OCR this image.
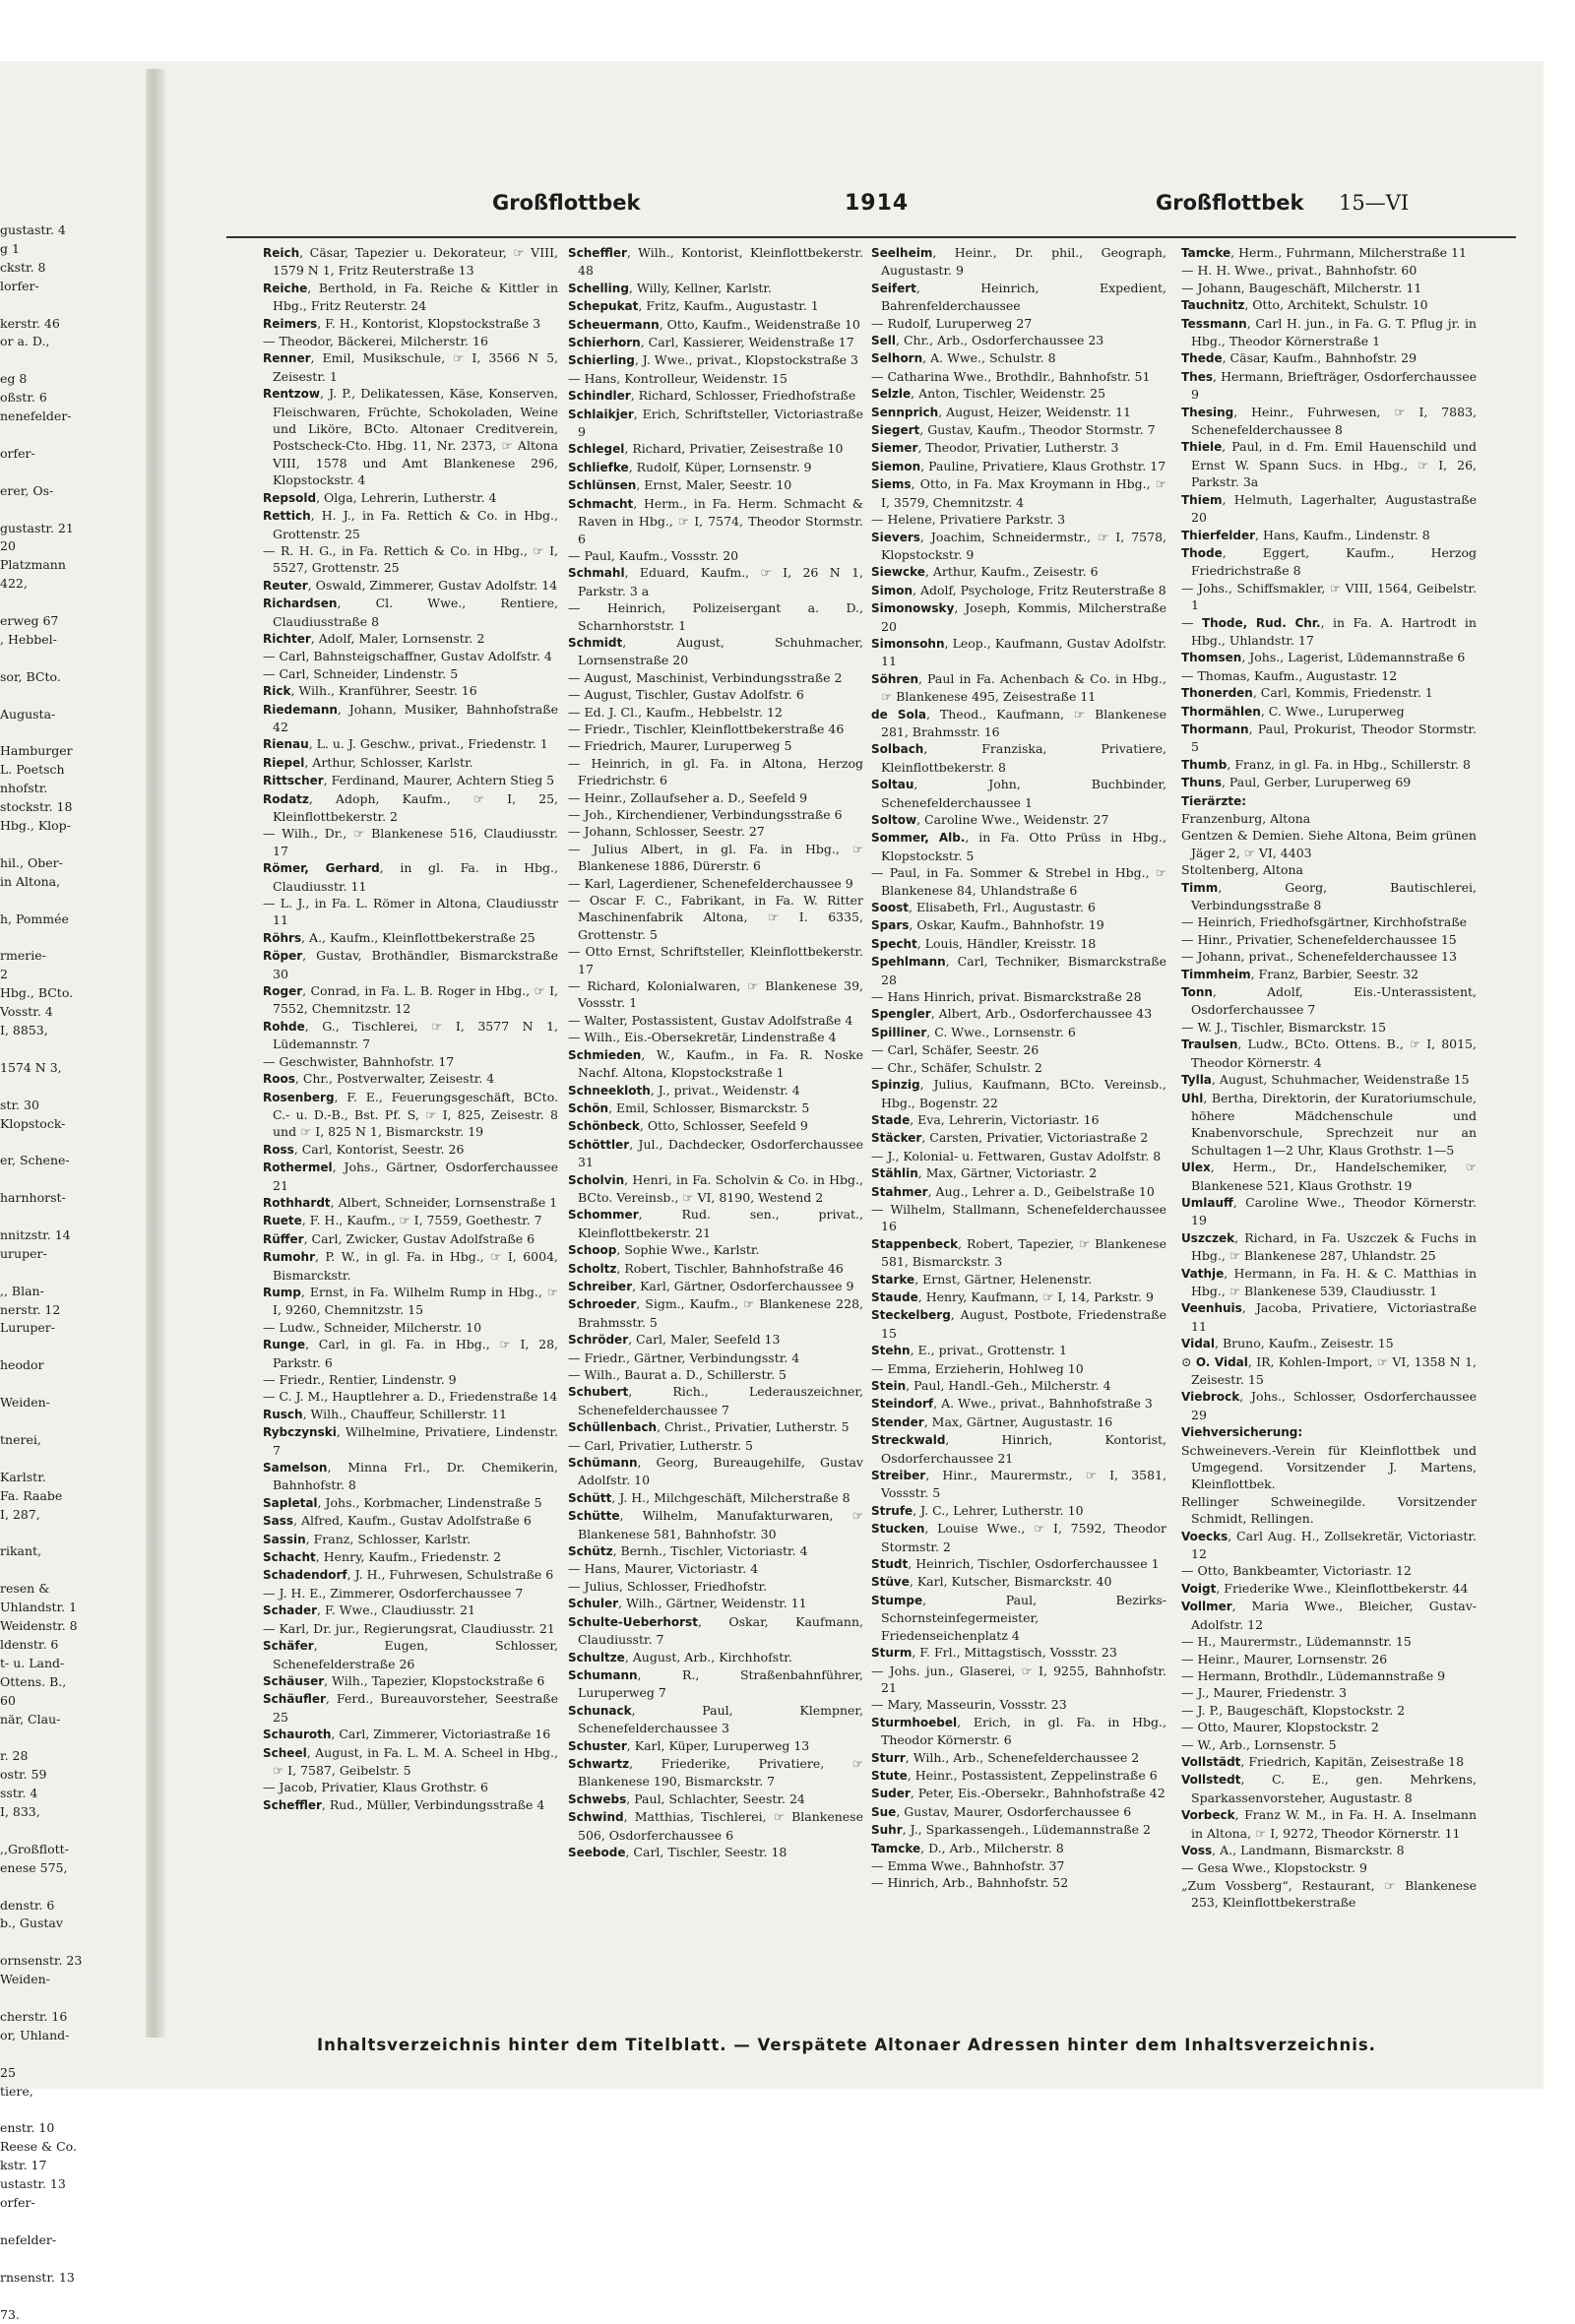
gustastr. 4
g 1
ckstr. 8
lorfer-

kerstr. 46
or a. D.,

eg 8
oßstr. 6
nenefelder-

orfer-

erer, Os-

gustastr. 21
20
Platzmann
422,

erweg 67
, Hebbel-

sor, BCto.

Augusta-

Hamburger
L. Poetsch
nhofstr.
stockstr. 18
Hbg., Klop-

hil., Ober-
in Altona,

h, Pommée

rmerie-
2
Hbg., BCto.
Vosstr. 4
I, 8853,

1574 N 3,

str. 30
Klopstock-

er, Schene-

harnhorst-

nnitzstr. 14
uruper-

,, Blan-
nerstr. 12
Luruper-

heodor

Weiden-

tnerei,

Karlstr.
Fa. Raabe
I, 287,

rikant,

resen &
Uhlandstr. 1
Weidenstr. 8
ldenstr. 6
t- u. Land-
Ottens. B.,
60
när, Clau-

r. 28
ostr. 59
sstr. 4
I, 833,

,,Großflott-
enese 575,

denstr. 6
b., Gustav

ornsenstr. 23
Weiden-

cherstr. 16
or, Uhland-

25
tiere,

enstr. 10
Reese & Co.
kstr. 17
ustastr. 13
orfer-

nefelder-

rnsenstr. 13

73.
Großflottbek	1914	Großflottbek 15—VI
Reich, Cäsar, Tapezier u. Dekorateur, ☞ VIII, 1579 N 1, Fritz Reuterstraße 13
Reiche, Berthold, in Fa. Reiche & Kittler in Hbg., Fritz Reuterstr. 24
Reimers, F. H., Kontorist, Klopstockstraße 3
— Theodor, Bäckerei, Milcherstr. 16
Renner, Emil, Musikschule, ☞ I, 3566 N 5, Zeisestr. 1
Rentzow, J. P., Delikatessen, Käse, Konserven, Fleischwaren, Früchte, Schokoladen, Weine und Liköre, BCto. Altonaer Creditverein, Postscheck-Cto. Hbg. 11, Nr. 2373, ☞ Altona VIII, 1578 und Amt Blankenese 296, Klopstockstr. 4
Repsold, Olga, Lehrerin, Lutherstr. 4
Rettich, H. J., in Fa. Rettich & Co. in Hbg., Grottenstr. 25
— R. H. G., in Fa. Rettich & Co. in Hbg., ☞ I, 5527, Grottenstr. 25
Reuter, Oswald, Zimmerer, Gustav Adolfstr. 14
Richardsen, Cl. Wwe., Rentiere, Claudiusstraße 8
Richter, Adolf, Maler, Lornsenstr. 2
— Carl, Bahnsteigschaffner, Gustav Adolfstr. 4
— Carl, Schneider, Lindenstr. 5
Rick, Wilh., Kranführer, Seestr. 16
Riedemann, Johann, Musiker, Bahnhofstraße 42
Rienau, L. u. J. Geschw., privat., Friedenstr. 1
Riepel, Arthur, Schlosser, Karlstr.
Rittscher, Ferdinand, Maurer, Achtern Stieg 5
Rodatz, Adoph, Kaufm., ☞ I, 25, Kleinflottbekerstr. 2
— Wilh., Dr., ☞ Blankenese 516, Claudiusstr. 17
Römer, Gerhard, in gl. Fa. in Hbg., Claudiusstr. 11
— L. J., in Fa. L. Römer in Altona, Claudiusstr 11
Röhrs, A., Kaufm., Kleinflottbekerstraße 25
Röper, Gustav, Brothändler, Bismarckstraße 30
Roger, Conrad, in Fa. L. B. Roger in Hbg., ☞ I, 7552, Chemnitzstr. 12
Rohde, G., Tischlerei, ☞ I, 3577 N 1, Lüdemannstr. 7
— Geschwister, Bahnhofstr. 17
Roos, Chr., Postverwalter, Zeisestr. 4
Rosenberg, F. E., Feuerungsgeschäft, BCto. C.- u. D.-B., Bst. Pf. S, ☞ I, 825, Zeisestr. 8 und ☞ I, 825 N 1, Bismarckstr. 19
Ross, Carl, Kontorist, Seestr. 26
Rothermel, Johs., Gärtner, Osdorferchaussee 21
Rothhardt, Albert, Schneider, Lornsenstraße 1
Ruete, F. H., Kaufm., ☞ I, 7559, Goethestr. 7
Rüffer, Carl, Zwicker, Gustav Adolfstraße 6
Rumohr, P. W., in gl. Fa. in Hbg., ☞ I, 6004, Bismarckstr.
Rump, Ernst, in Fa. Wilhelm Rump in Hbg., ☞ I, 9260, Chemnitzstr. 15
— Ludw., Schneider, Milcherstr. 10
Runge, Carl, in gl. Fa. in Hbg., ☞ I, 28, Parkstr. 6
— Friedr., Rentier, Lindenstr. 9
— C. J. M., Hauptlehrer a. D., Friedenstraße 14
Rusch, Wilh., Chauffeur, Schillerstr. 11
Rybczynski, Wilhelmine, Privatiere, Lindenstr. 7
Samelson, Minna Frl., Dr. Chemikerin, Bahnhofstr. 8
Sapletal, Johs., Korbmacher, Lindenstraße 5
Sass, Alfred, Kaufm., Gustav Adolfstraße 6
Sassin, Franz, Schlosser, Karlstr.
Schacht, Henry, Kaufm., Friedenstr. 2
Schadendorf, J. H., Fuhrwesen, Schulstraße 6
— J. H. E., Zimmerer, Osdorferchaussee 7
Schader, F. Wwe., Claudiusstr. 21
— Karl, Dr. jur., Regierungsrat, Claudiusstr. 21
Schäfer, Eugen, Schlosser, Schenefelderstraße 26
Schäuser, Wilh., Tapezier, Klopstockstraße 6
Schäufler, Ferd., Bureauvorsteher, Seestraße 25
Schauroth, Carl, Zimmerer, Victoriastraße 16
Scheel, August, in Fa. L. M. A. Scheel in Hbg., ☞ I, 7587, Geibelstr. 5
— Jacob, Privatier, Klaus Grothstr. 6
Scheffler, Rud., Müller, Verbindungsstraße 4
Scheffler, Wilh., Kontorist, Kleinflottbekerstr. 48
Schelling, Willy, Kellner, Karlstr.
Schepukat, Fritz, Kaufm., Augustastr. 1
Scheuermann, Otto, Kaufm., Weidenstraße 10
Schierhorn, Carl, Kassierer, Weidenstraße 17
Schierling, J. Wwe., privat., Klopstockstraße 3
— Hans, Kontrolleur, Weidenstr. 15
Schindler, Richard, Schlosser, Friedhofstraße
Schlaikjer, Erich, Schriftsteller, Victoriastraße 9
Schlegel, Richard, Privatier, Zeisestraße 10
Schliefke, Rudolf, Küper, Lornsenstr. 9
Schlünsen, Ernst, Maler, Seestr. 10
Schmacht, Herm., in Fa. Herm. Schmacht & Raven in Hbg., ☞ I, 7574, Theodor Stormstr. 6
— Paul, Kaufm., Vossstr. 20
Schmahl, Eduard, Kaufm., ☞ I, 26 N 1, Parkstr. 3 a
— Heinrich, Polizeisergant a. D., Scharnhorststr. 1
Schmidt, August, Schuhmacher, Lornsenstraße 20
— August, Maschinist, Verbindungsstraße 2
— August, Tischler, Gustav Adolfstr. 6
— Ed. J. Cl., Kaufm., Hebbelstr. 12
— Friedr., Tischler, Kleinflottbekerstraße 46
— Friedrich, Maurer, Luruperweg 5
— Heinrich, in gl. Fa. in Altona, Herzog Friedrichstr. 6
— Heinr., Zollaufseher a. D., Seefeld 9
— Joh., Kirchendiener, Verbindungsstraße 6
— Johann, Schlosser, Seestr. 27
— Julius Albert, in gl. Fa. in Hbg., ☞ Blankenese 1886, Dürerstr. 6
— Karl, Lagerdiener, Schenefelderchaussee 9
— Oscar F. C., Fabrikant, in Fa. W. Ritter Maschinenfabrik Altona, ☞ I. 6335, Grottenstr. 5
— Otto Ernst, Schriftsteller, Kleinflottbekerstr. 17
— Richard, Kolonialwaren, ☞ Blankenese 39, Vossstr. 1
— Walter, Postassistent, Gustav Adolfstraße 4
— Wilh., Eis.-Obersekretär, Lindenstraße 4
Schmieden, W., Kaufm., in Fa. R. Noske Nachf. Altona, Klopstockstraße 1
Schneekloth, J., privat., Weidenstr. 4
Schön, Emil, Schlosser, Bismarckstr. 5
Schönbeck, Otto, Schlosser, Seefeld 9
Schöttler, Jul., Dachdecker, Osdorferchaussee 31
Scholvin, Henri, in Fa. Scholvin & Co. in Hbg., BCto. Vereinsb., ☞ VI, 8190, Westend 2
Schommer, Rud. sen., privat., Kleinflottbekerstr. 21
Schoop, Sophie Wwe., Karlstr.
Scholtz, Robert, Tischler, Bahnhofstraße 46
Schreiber, Karl, Gärtner, Osdorferchaussee 9
Schroeder, Sigm., Kaufm., ☞ Blankenese 228, Brahmsstr. 5
Schröder, Carl, Maler, Seefeld 13
— Friedr., Gärtner, Verbindungsstr. 4
— Wilh., Baurat a. D., Schillerstr. 5
Schubert, Rich., Lederauszeichner, Schenefelderchaussee 7
Schüllenbach, Christ., Privatier, Lutherstr. 5
— Carl, Privatier, Lutherstr. 5
Schümann, Georg, Bureaugehilfe, Gustav Adolfstr. 10
Schütt, J. H., Milchgeschäft, Milcherstraße 8
Schütte, Wilhelm, Manufakturwaren, ☞ Blankenese 581, Bahnhofstr. 30
Schütz, Bernh., Tischler, Victoriastr. 4
— Hans, Maurer, Victoriastr. 4
— Julius, Schlosser, Friedhofstr.
Schuler, Wilh., Gärtner, Weidenstr. 11
Schulte-Ueberhorst, Oskar, Kaufmann, Claudiusstr. 7
Schultze, August, Arb., Kirchhofstr.
Schumann, R., Straßenbahnführer, Luruperweg 7
Schunack, Paul, Klempner, Schenefelderchaussee 3
Schuster, Karl, Küper, Luruperweg 13
Schwartz, Friederike, Privatiere, ☞ Blankenese 190, Bismarckstr. 7
Schwebs, Paul, Schlachter, Seestr. 24
Schwind, Matthias, Tischlerei, ☞ Blankenese 506, Osdorferchaussee 6
Seebode, Carl, Tischler, Seestr. 18
Seelheim, Heinr., Dr. phil., Geograph, Augustastr. 9
Seifert, Heinrich, Expedient, Bahrenfelderchaussee
— Rudolf, Luruperweg 27
Sell, Chr., Arb., Osdorferchaussee 23
Selhorn, A. Wwe., Schulstr. 8
— Catharina Wwe., Brothdlr., Bahnhofstr. 51
Selzle, Anton, Tischler, Weidenstr. 25
Sennprich, August, Heizer, Weidenstr. 11
Siegert, Gustav, Kaufm., Theodor Stormstr. 7
Siemer, Theodor, Privatier, Lutherstr. 3
Siemon, Pauline, Privatiere, Klaus Grothstr. 17
Siems, Otto, in Fa. Max Kroymann in Hbg., ☞ I, 3579, Chemnitzstr. 4
— Helene, Privatiere Parkstr. 3
Sievers, Joachim, Schneidermstr., ☞ I, 7578, Klopstockstr. 9
Siewcke, Arthur, Kaufm., Zeisestr. 6
Simon, Adolf, Psychologe, Fritz Reuterstraße 8
Simonowsky, Joseph, Kommis, Milcherstraße 20
Simonsohn, Leop., Kaufmann, Gustav Adolfstr. 11
Söhren, Paul in Fa. Achenbach & Co. in Hbg., ☞ Blankenese 495, Zeisestraße 11
de Sola, Theod., Kaufmann, ☞ Blankenese 281, Brahmsstr. 16
Solbach, Franziska, Privatiere, Kleinflottbekerstr. 8
Soltau, John, Buchbinder, Schenefelderchaussee 1
Soltow, Caroline Wwe., Weidenstr. 27
Sommer, Alb., in Fa. Otto Prüss in Hbg., Klopstockstr. 5
— Paul, in Fa. Sommer & Strebel in Hbg., ☞ Blankenese 84, Uhlandstraße 6
Soost, Elisabeth, Frl., Augustastr. 6
Spars, Oskar, Kaufm., Bahnhofstr. 19
Specht, Louis, Händler, Kreisstr. 18
Spehlmann, Carl, Techniker, Bismarckstraße 28
— Hans Hinrich, privat. Bismarckstraße 28
Spengler, Albert, Arb., Osdorferchaussee 43
Spilliner, C. Wwe., Lornsenstr. 6
— Carl, Schäfer, Seestr. 26
— Chr., Schäfer, Schulstr. 2
Spinzig, Julius, Kaufmann, BCto. Vereinsb., Hbg., Bogenstr. 22
Stade, Eva, Lehrerin, Victoriastr. 16
Stäcker, Carsten, Privatier, Victoriastraße 2
— J., Kolonial- u. Fettwaren, Gustav Adolfstr. 8
Stählin, Max, Gärtner, Victoriastr. 2
Stahmer, Aug., Lehrer a. D., Geibelstraße 10
— Wilhelm, Stallmann, Schenefelderchaussee 16
Stappenbeck, Robert, Tapezier, ☞ Blankenese 581, Bismarckstr. 3
Starke, Ernst, Gärtner, Helenenstr.
Staude, Henry, Kaufmann, ☞ I, 14, Parkstr. 9
Steckelberg, August, Postbote, Friedenstraße 15
Stehn, E., privat., Grottenstr. 1
— Emma, Erzieherin, Hohlweg 10
Stein, Paul, Handl.-Geh., Milcherstr. 4
Steindorf, A. Wwe., privat., Bahnhofstraße 3
Stender, Max, Gärtner, Augustastr. 16
Streckwald, Hinrich, Kontorist, Osdorferchaussee 21
Streiber, Hinr., Maurermstr., ☞ I, 3581, Vossstr. 5
Strufe, J. C., Lehrer, Lutherstr. 10
Stucken, Louise Wwe., ☞ I, 7592, Theodor Stormstr. 2
Studt, Heinrich, Tischler, Osdorferchaussee 1
Stüve, Karl, Kutscher, Bismarckstr. 40
Stumpe, Paul, Bezirks-Schornsteinfegermeister, Friedenseichenplatz 4
Sturm, F. Frl., Mittagstisch, Vossstr. 23
— Johs. jun., Glaserei, ☞ I, 9255, Bahnhofstr. 21
— Mary, Masseurin, Vossstr. 23
Sturmhoebel, Erich, in gl. Fa. in Hbg., Theodor Körnerstr. 6
Sturr, Wilh., Arb., Schenefelderchaussee 2
Stute, Heinr., Postassistent, Zeppelinstraße 6
Suder, Peter, Eis.-Obersekr., Bahnhofstraße 42
Sue, Gustav, Maurer, Osdorferchaussee 6
Suhr, J., Sparkassengeh., Lüdemannstraße 2
Tamcke, D., Arb., Milcherstr. 8
— Emma Wwe., Bahnhofstr. 37
— Hinrich, Arb., Bahnhofstr. 52
Tamcke, Herm., Fuhrmann, Milcherstraße 11
— H. H. Wwe., privat., Bahnhofstr. 60
— Johann, Baugeschäft, Milcherstr. 11
Tauchnitz, Otto, Architekt, Schulstr. 10
Tessmann, Carl H. jun., in Fa. G. T. Pflug jr. in Hbg., Theodor Körnerstraße 1
Thede, Cäsar, Kaufm., Bahnhofstr. 29
Thes, Hermann, Briefträger, Osdorferchaussee 9
Thesing, Heinr., Fuhrwesen, ☞ I, 7883, Schenefelderchaussee 8
Thiele, Paul, in d. Fm. Emil Hauenschild und Ernst W. Spann Sucs. in Hbg., ☞ I, 26, Parkstr. 3a
Thiem, Helmuth, Lagerhalter, Augustastraße 20
Thierfelder, Hans, Kaufm., Lindenstr. 8
Thode, Eggert, Kaufm., Herzog Friedrichstraße 8
— Johs., Schiffsmakler, ☞ VIII, 1564, Geibelstr. 1
— Thode, Rud. Chr., in Fa. A. Hartrodt in Hbg., Uhlandstr. 17
Thomsen, Johs., Lagerist, Lüdemannstraße 6
— Thomas, Kaufm., Augustastr. 12
Thonerden, Carl, Kommis, Friedenstr. 1
Thormählen, C. Wwe., Luruperweg
Thormann, Paul, Prokurist, Theodor Stormstr. 5
Thumb, Franz, in gl. Fa. in Hbg., Schillerstr. 8
Thuns, Paul, Gerber, Luruperweg 69
Tierärzte:
Franzenburg, Altona
Gentzen & Demien. Siehe Altona, Beim grünen Jäger 2, ☞ VI, 4403
Stoltenberg, Altona
Timm, Georg, Bautischlerei, Verbindungsstraße 8
— Heinrich, Friedhofsgärtner, Kirchhofstraße
— Hinr., Privatier, Schenefelderchaussee 15
— Johann, privat., Schenefelderchaussee 13
Timmheim, Franz, Barbier, Seestr. 32
Tonn, Adolf, Eis.-Unterassistent, Osdorferchaussee 7
— W. J., Tischler, Bismarckstr. 15
Traulsen, Ludw., BCto. Ottens. B., ☞ I, 8015, Theodor Körnerstr. 4
Tylla, August, Schuhmacher, Weidenstraße 15
Uhl, Bertha, Direktorin, der Kuratoriumschule, höhere Mädchenschule und Knabenvorschule, Sprechzeit nur an Schultagen 1—2 Uhr, Klaus Grothstr. 1—5
Ulex, Herm., Dr., Handelschemiker, ☞ Blankenese 521, Klaus Grothstr. 19
Umlauff, Caroline Wwe., Theodor Körnerstr. 19
Uszczek, Richard, in Fa. Uszczek & Fuchs in Hbg., ☞ Blankenese 287, Uhlandstr. 25
Vathje, Hermann, in Fa. H. & C. Matthias in Hbg., ☞ Blankenese 539, Claudiusstr. 1
Veenhuis, Jacoba, Privatiere, Victoriastraße 11
Vidal, Bruno, Kaufm., Zeisestr. 15
⊙ O. Vidal, IR, Kohlen-Import, ☞ VI, 1358 N 1, Zeisestr. 15
Viebrock, Johs., Schlosser, Osdorferchaussee 29
Viehversicherung:
Schweinevers.-Verein für Kleinflottbek und Umgegend. Vorsitzender J. Martens, Kleinflottbek.
Rellinger Schweinegilde. Vorsitzender Schmidt, Rellingen.
Voecks, Carl Aug. H., Zollsekretär, Victoriastr. 12
— Otto, Bankbeamter, Victoriastr. 12
Voigt, Friederike Wwe., Kleinflottbekerstr. 44
Vollmer, Maria Wwe., Bleicher, Gustav-Adolfstr. 12
— H., Maurermstr., Lüdemannstr. 15
— Heinr., Maurer, Lornsenstr. 26
— Hermann, Brothdlr., Lüdemannstraße 9
— J., Maurer, Friedenstr. 3
— J. P., Baugeschäft, Klopstockstr. 2
— Otto, Maurer, Klopstockstr. 2
— W., Arb., Lornsenstr. 5
Vollstädt, Friedrich, Kapitän, Zeisestraße 18
Vollstedt, C. E., gen. Mehrkens, Sparkassenvorsteher, Augustastr. 8
Vorbeck, Franz W. M., in Fa. H. A. Inselmann in Altona, ☞ I, 9272, Theodor Körnerstr. 11
Voss, A., Landmann, Bismarckstr. 8
— Gesa Wwe., Klopstockstr. 9
„Zum Vossberg“, Restaurant, ☞ Blankenese 253, Kleinflottbekerstraße
Inhaltsverzeichnis hinter dem Titelblatt. — Verspätete Altonaer Adressen hinter dem Inhaltsverzeichnis.
